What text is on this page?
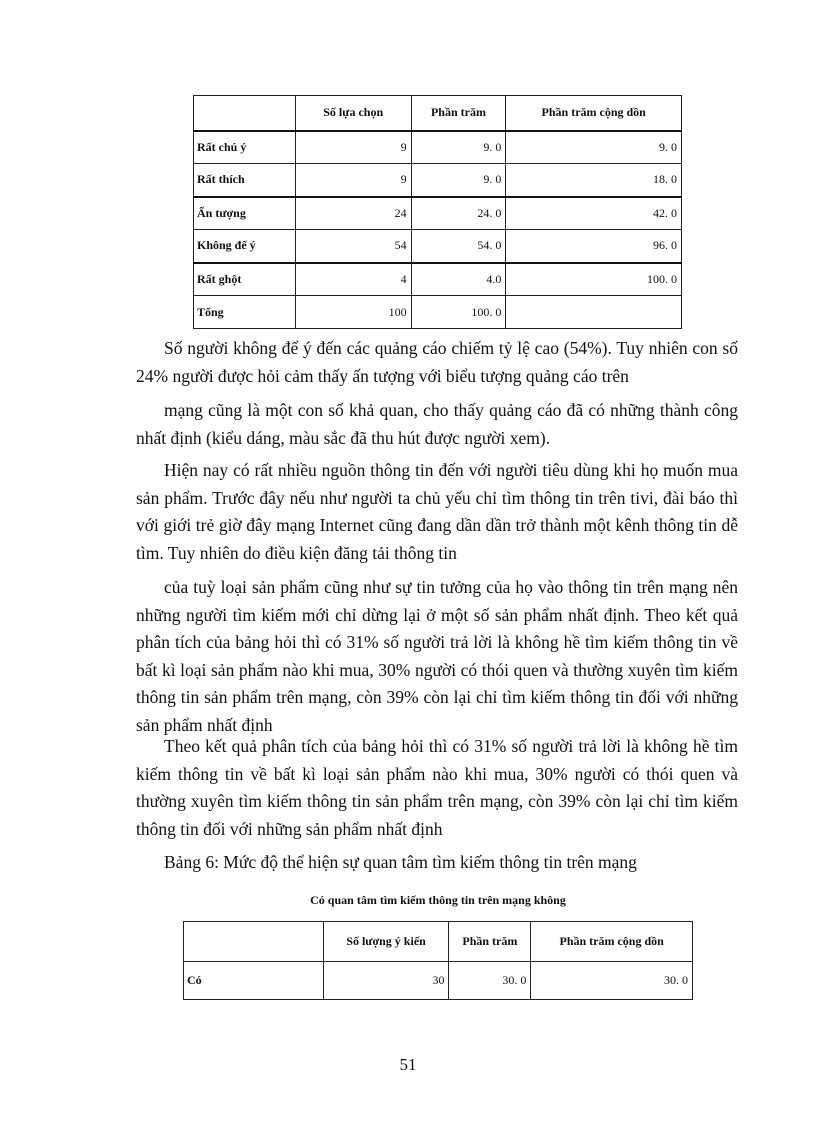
	Số lựa chọn	Phần trăm	Phần trăm cộng dồn
Rất chú ý	9	9. 0	9. 0
Rất thích	9	9. 0	18. 0
Ấn tượng	24	24. 0	42. 0
Không để ý	54	54. 0	96. 0
Rất ghột	4	4.0	100. 0
Tổng	100	100. 0	

Số người không để ý đến các quảng cáo chiếm tỷ lệ cao (54%). Tuy nhiên con số 24% người được hỏi cảm thấy ấn tượng với biểu tượng quảng cáo trên

mạng cũng là một con số khả quan, cho thấy quảng cáo đã có những thành công nhất định (kiểu dáng, màu sắc đã thu hút được người xem).

Hiện nay có rất nhiều nguồn thông tin đến với người tiêu dùng khi họ muốn mua sản phẩm. Trước đây nếu như người ta chủ yếu chỉ tìm thông tin trên tivi, đài báo thì với giới trẻ giờ đây mạng Internet cũng đang dần dần trở thành một kênh thông tin dễ tìm. Tuy nhiên do điều kiện đăng tải thông tin

của tuỳ loại sản phẩm cũng như sự tin tưởng của họ vào thông tin trên mạng nên những người tìm kiếm mới chỉ dừng lại ở một số sản phẩm nhất định. Theo kết quả phân tích của bảng hỏi thì có 31% số người trả lời là không hề tìm kiếm thông tin về bất kì loại sản phẩm nào khi mua, 30% người có thói quen và thường xuyên tìm kiếm thông tin sản phẩm trên mạng, còn 39% còn lại chỉ tìm kiếm thông tin đối với những sản phẩm nhất định

Theo kết quả phân tích của bảng hỏi thì có 31% số người trả lời là không hề tìm kiếm thông tin về bất kì loại sản phẩm nào khi mua, 30% người có thói quen và thường xuyên tìm kiếm thông tin sản phẩm trên mạng, còn 39% còn lại chỉ tìm kiếm thông tin đối với những sản phẩm nhất định

Bảng 6: Mức độ thể hiện sự quan tâm tìm kiếm thông tin trên mạng

Có quan tâm tìm kiếm thông tin trên mạng không
	Số lượng ý kiến	Phần trăm	Phần trăm cộng dồn
Có	30	30. 0	30. 0
51
